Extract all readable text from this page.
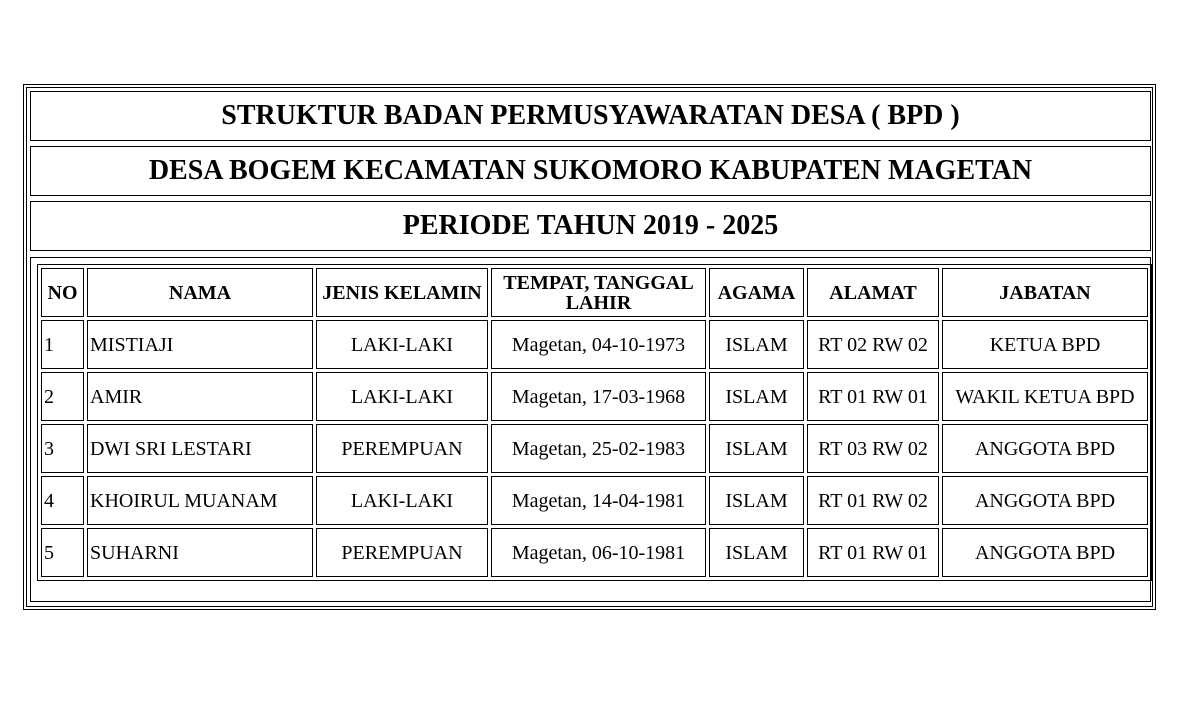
STRUKTUR BADAN PERMUSYAWARATAN DESA ( BPD )
DESA BOGEM KECAMATAN SUKOMORO KABUPATEN MAGETAN
PERIODE TAHUN 2019 - 2025
NO	NAMA	JENIS KELAMIN	TEMPAT, TANGGAL LAHIR	AGAMA	ALAMAT	JABATAN
1	MISTIAJI	LAKI-LAKI	Magetan, 04-10-1973	ISLAM	RT 02 RW 02	KETUA BPD
2	AMIR	LAKI-LAKI	Magetan, 17-03-1968	ISLAM	RT 01 RW 01	WAKIL KETUA BPD
3	DWI SRI LESTARI	PEREMPUAN	Magetan, 25-02-1983	ISLAM	RT 03 RW 02	ANGGOTA BPD
4	KHOIRUL MUANAM	LAKI-LAKI	Magetan, 14-04-1981	ISLAM	RT 01 RW 02	ANGGOTA BPD
5	SUHARNI	PEREMPUAN	Magetan, 06-10-1981	ISLAM	RT 01 RW 01	ANGGOTA BPD
